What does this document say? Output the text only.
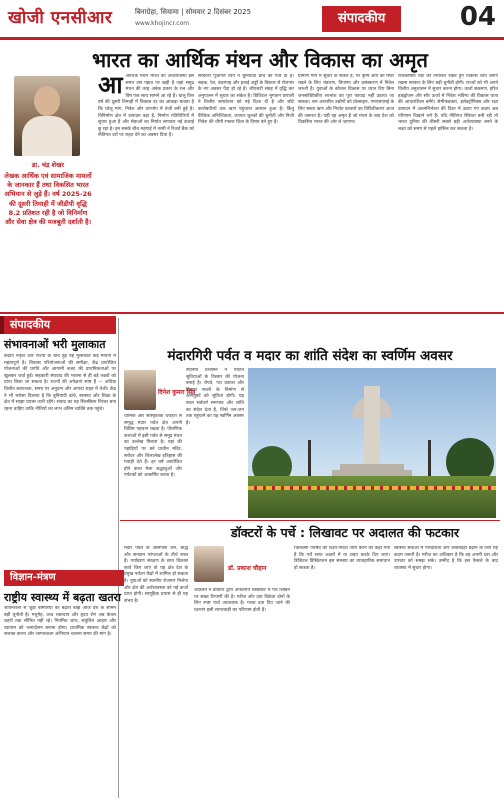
खोजी एनसीआर	बिनाग्रेहा, सियामा | सोमवार 2 दिसंबर 2025
www.khojincr.com	संपादकीय	04
भारत का आर्थिक मंथन और विकास का अमृत
डा. चंद्र शेखर
लेखक आर्थिक एवं सामाजिक मामलों के जानकार हैं तथा विकसित भारत अभियान से जुड़े हैं। वर्ष 2025-26 की दूसरी तिमाही में जीडीपी वृद्धि 8.2 प्रतिशत रही है जो विनिर्माण और सेवा क्षेत्र की मजबूती दर्शाती है।
आआर्थिक मंथन भारत की अर्थव्यवस्था इस समय उस पड़ाव पर खड़ी है जहां समुद्र मंथन की तरह अनेक प्रकार के रत्न और विष एक साथ सामने आ रहे हैं। चालू वित्त वर्ष की दूसरी तिमाही में विकास दर का आंकड़ा बताता है कि घरेलू मांग, निवेश और उपभोग में तेजी बनी हुई है। विनिर्माण क्षेत्र में उत्पादन बढ़ा है, निर्माण गतिविधियों में सुधार हुआ है और सेवाओं का निर्यात लगातार नई ऊंचाई छू रहा है। इन सबके बीच महंगाई में नरमी ने रिजर्व बैंक को नीतिगत दरों पर राहत देने का अवसर दिया है।
सरकारी पूंजीगत व्यय ने बुनियादी ढांचे को गति दी है। सड़क, रेल, बंदरगाह और हवाई अड्डों के विस्तार से रोजगार के नए अवसर पैदा हो रहे हैं। जीएसटी संग्रह में वृद्धि कर अनुपालन में सुधार का संकेत है। डिजिटल भुगतान प्रणाली ने वित्तीय समावेशन को नई दिशा दी है और छोटे कारोबारियों तक ऋण पहुंचाना आसान हुआ है। किंतु वैश्विक अनिश्चितता, व्यापार शुल्कों की चुनौती और निजी निवेश की धीमी रफ्तार चिंता के विषय बने हुए हैं।
ग्रामीण मांग में सुधार के संकेत हैं, पर कृषि आय को स्थिर रखने के लिए भंडारण, विपणन और प्रसंस्करण में निवेश जरूरी है। युवाओं के कौशल विकास पर ध्यान दिए बिना जनसांख्यिकीय लाभांश का पूरा फायदा नहीं उठाया जा सकता। श्रम आधारित उद्योगों को प्रोत्साहन, एमएसएमई के लिए सस्ता ऋण और निर्यात बाजारों का विविधीकरण आज की जरूरत है। यही वह अमृत है जो मंथन के बाद देश को विकसित भारत की ओर ले जाएगा।
राजकोषीय घाटे को नियंत्रित रखते हुए विकास व्यय बनाए रखना सरकार के लिए बड़ी चुनौती होगी। राज्यों को भी अपने वित्तीय अनुशासन में सुधार करना होगा। ऊर्जा संक्रमण, हरित हाइड्रोजन और सौर ऊर्जा में निवेश भविष्य की विकास यात्रा की आधारशिला बनेंगे। सेमीकंडक्टर, इलेक्ट्रॉनिक्स और रक्षा उत्पादन में आत्मनिर्भरता की दिशा में उठाए गए कदम अब परिणाम दिखाने लगे हैं। यदि नीतिगत स्थिरता बनी रही तो भारत दुनिया की तीसरी सबसे बड़ी अर्थव्यवस्था बनने के लक्ष्य को समय से पहले हासिल कर सकता है।
संपादकीय
संभावनाओं भरी मुलाकात
केंद्रीय नेतृत्व और राज्यों के बीच हुई यह मुलाकात कई मायनों में महत्वपूर्ण है। विकास परियोजनाओं की समीक्षा, केंद्र प्रायोजित योजनाओं की प्रगति और आगामी बजट की प्राथमिकताओं पर खुलकर चर्चा हुई। सहकारी संघवाद की भावना से ही बड़े लक्ष्यों को प्राप्त किया जा सकता है। राज्यों की अपेक्षाएं स्पष्ट हैं — अधिक वित्तीय स्वायत्तता, समय पर अनुदान और आपदा राहत में तेजी। केंद्र ने भी भरोसा दिलाया है कि बुनियादी ढांचे, स्वास्थ्य और शिक्षा के क्षेत्र में साझा प्रयास जारी रहेंगे। संवाद का यह सिलसिला निरंतर बना रहना चाहिए ताकि नीतियों का लाभ अंतिम व्यक्ति तक पहुंचे।
विज्ञान-मंत्रण
राष्ट्रीय स्वास्थ्य में बढ़ता खतरा
जीवनशैली से जुड़ी बीमारियों का बढ़ता बोझ आज देश के सामने बड़ी चुनौती है। मधुमेह, उच्च रक्तचाप और हृदय रोग अब केवल शहरों तक सीमित नहीं रहे। नियमित जांच, संतुलित आहार और व्यायाम को जनांदोलन बनाना होगा। प्राथमिक स्वास्थ्य केंद्रों को सशक्त करना और जागरूकता अभियान चलाना समय की मांग है।
मंदारगिरी पर्वत व मदार का शांति संदेश का स्वर्णिम अवसर
दिनेश कुमार सिंह
धार्मिक और सांस्कृतिक धरोहरों से समृद्ध मंदार पर्वत क्षेत्र अपनी विशिष्ट पहचान रखता है। पौराणिक कथाओं में इसी पर्वत से समुद्र मंथन का उल्लेख मिलता है। यहां की पहाड़ियों पर बने प्राचीन मंदिर, सरोवर और शिलालेख इतिहास की गवाही देते हैं। हर वर्ष आयोजित होने वाला मेला श्रद्धालुओं और पर्यटकों को आकर्षित करता है।
स्थानीय प्रशासन ने पर्यटन सुविधाओं के विस्तार की योजना बनाई है। रोपवे, पथ प्रकाश और विश्राम स्थलों के निर्माण से आगंतुकों को सुविधा होगी। यह स्थल सर्वधर्म समभाव और शांति का संदेश देता है, जिसे जन-जन तक पहुंचाने का यह स्वर्णिम अवसर है।
डॉक्टरों के पर्चे : लिखावट पर अदालत की फटकार
डॉ. प्रकाश चौहान
मंदार पर्वत के आसपास जैन, बौद्ध और सनातन परंपराओं के तीर्थ स्थल हैं। पर्यावरण संरक्षण के साथ विकास कार्य किए जाएं तो यह क्षेत्र देश के प्रमुख पर्यटन केंद्रों में शामिल हो सकता है। युवाओं को स्थानीय रोजगार मिलेगा और क्षेत्र की अर्थव्यवस्था को नई ऊर्जा प्राप्त होगी। सामूहिक प्रयास से ही यह संभव है।
अदालत ने डॉक्टरों द्वारा अपठनीय लिखावट में पर्चे लिखने पर सख्त टिप्पणी की है। मरीज और दवा विक्रेता दोनों के लिए स्पष्ट पर्चा आवश्यक है। गलत दवा दिए जाने की घटनाएं इसी लापरवाही का परिणाम होती हैं।
चिकित्सा परिषद को दिशा-निर्देश जारी करने को कहा गया है कि पर्चे साफ अक्षरों में या टाइप करके दिए जाएं। डिजिटल प्रिस्क्रिप्शन इस समस्या का व्यावहारिक समाधान हो सकता है।
स्वास्थ्य सेवाओं में पारदर्शिता और जवाबदेही बढ़ाने के लिए यह कदम जरूरी है। मरीज का अधिकार है कि वह अपनी दवा और उपचार को समझ सके। उम्मीद है कि इस फैसले के बाद व्यवस्था में सुधार होगा।
